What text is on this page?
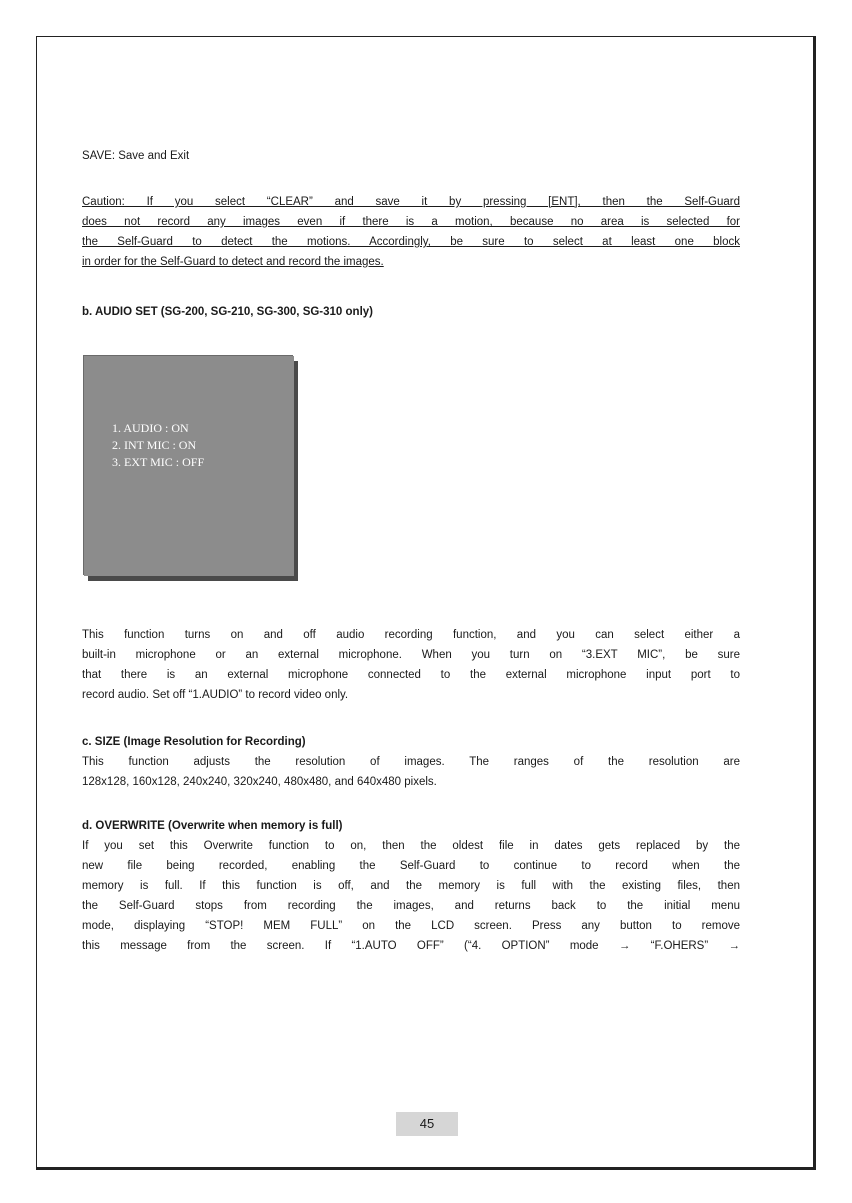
SAVE: Save and Exit

Caution: If you select “CLEAR” and save it by pressing [ENT], then the Self-Guard

does not record any images even if there is a motion, because no area is selected for

the Self-Guard to detect the motions. Accordingly, be sure to select at least one block

in order for the Self-Guard to detect and record the images.

b. AUDIO SET (SG-200, SG-210, SG-300, SG-310 only)

1. AUDIO : ON

2. INT MIC : ON

3. EXT MIC : OFF

This function turns on and off audio recording function, and you can select either a

built-in microphone or an external microphone. When you turn on “3.EXT MIC”, be sure

that there is an external microphone connected to the external microphone input port to

record audio. Set off “1.AUDIO” to record video only.

c. SIZE (Image Resolution for Recording)

This function adjusts the resolution of images. The ranges of the resolution are

128x128, 160x128, 240x240, 320x240, 480x480, and 640x480 pixels.

d. OVERWRITE (Overwrite when memory is full)

If you set this Overwrite function to on, then the oldest file in dates gets replaced by the

new file being recorded, enabling the Self-Guard to continue to record when the

memory is full. If this function is off, and the memory is full with the existing files, then

the Self-Guard stops from recording the images, and returns back to the initial menu

mode, displaying “STOP! MEM FULL” on the LCD screen. Press any button to remove

this message from the screen. If “1.AUTO OFF” (“4. OPTION” mode → “F.OHERS” →

45
